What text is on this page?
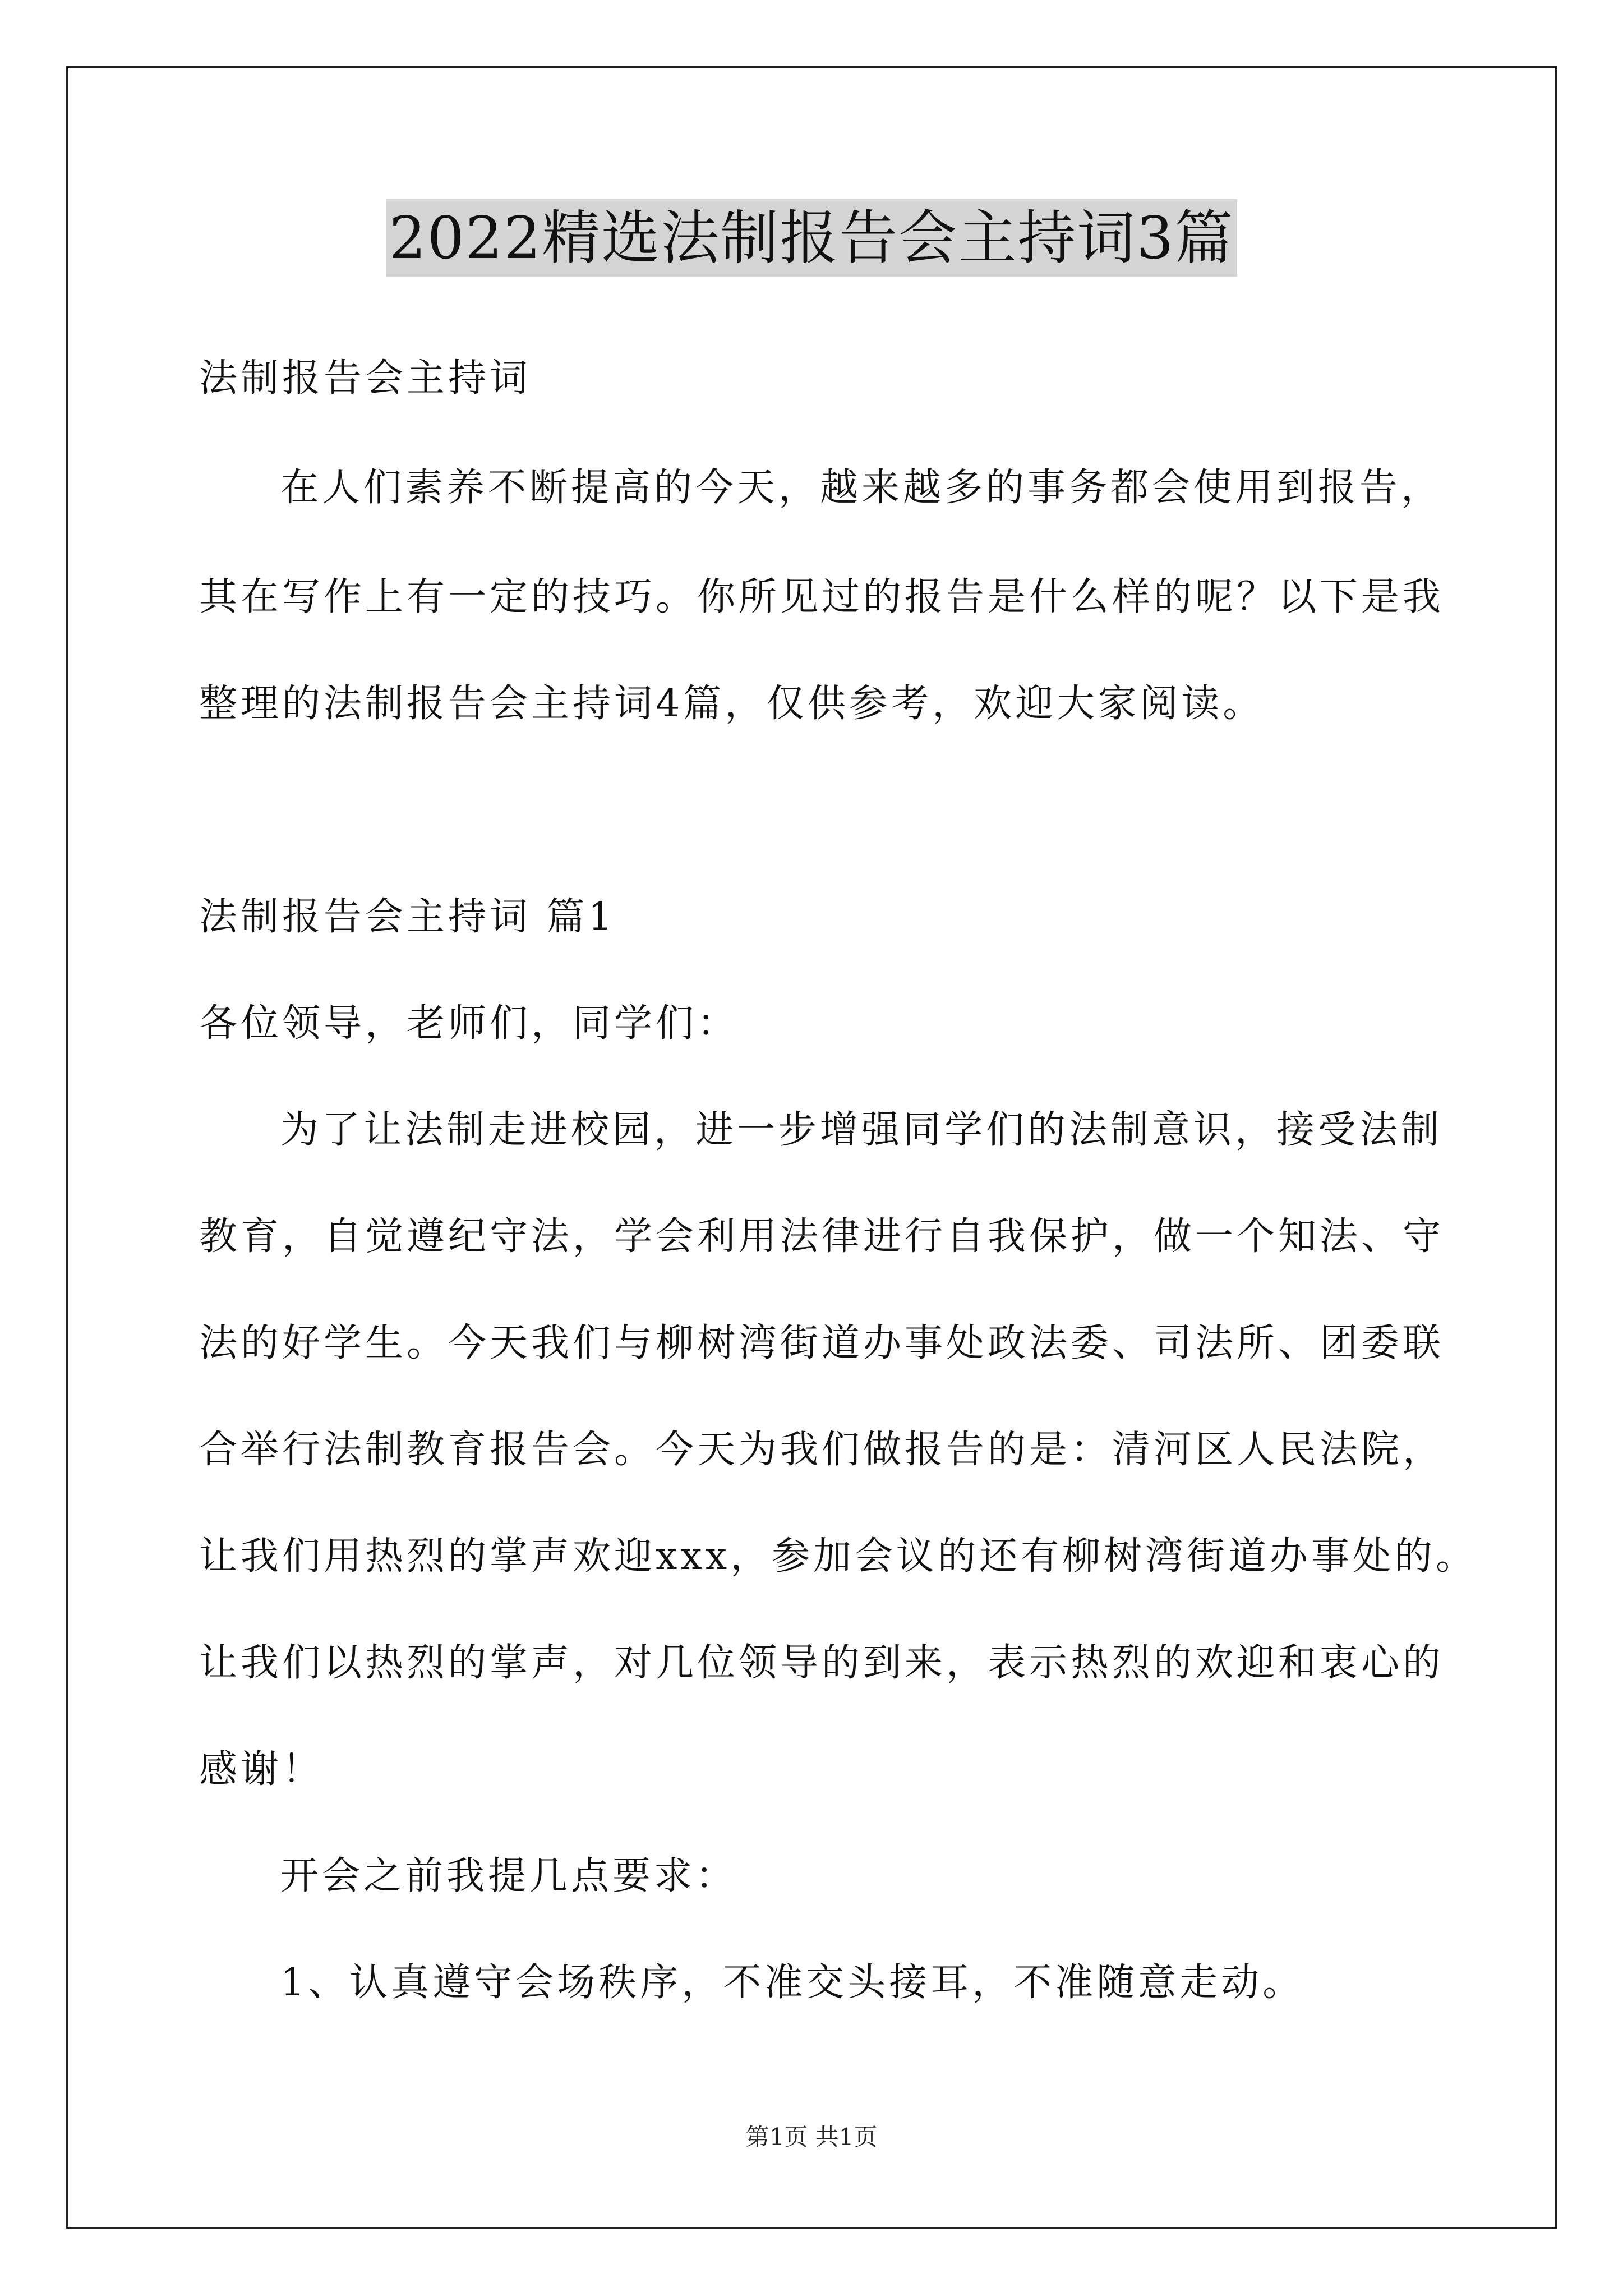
2022精选法制报告会主持词3篇
法制报告会主持词
在人们素养不断提高的今天，越来越多的事务都会使用到报告，
其在写作上有一定的技巧。你所见过的报告是什么样的呢？以下是我
整理的法制报告会主持词4篇，仅供参考，欢迎大家阅读。
法制报告会主持词 篇1
各位领导，老师们，同学们：
为了让法制走进校园，进一步增强同学们的法制意识，接受法制
教育，自觉遵纪守法，学会利用法律进行自我保护，做一个知法、守
法的好学生。今天我们与柳树湾街道办事处政法委、司法所、团委联
合举行法制教育报告会。今天为我们做报告的是：清河区人民法院，
让我们用热烈的掌声欢迎xxx，参加会议的还有柳树湾街道办事处的。
让我们以热烈的掌声，对几位领导的到来，表示热烈的欢迎和衷心的
感谢！
开会之前我提几点要求：
1、认真遵守会场秩序，不准交头接耳，不准随意走动。
第1页 共1页
